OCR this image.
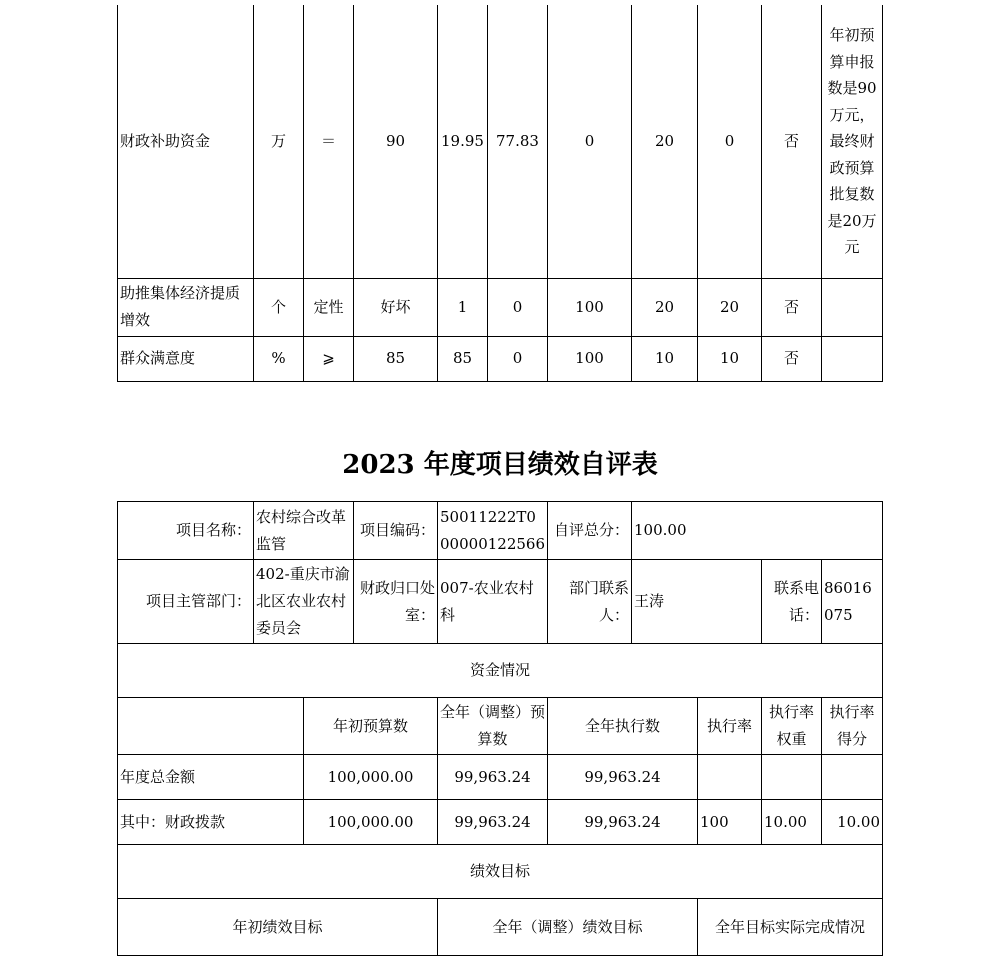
财政补助资金	万	＝	90	19.95	77.83	0	20	0	否	年初预算申报数是90万元，最终财政预算批复数是20万元
助推集体经济提质增效	个	定性	好坏	1	0	100	20	20	否	
群众满意度	%	⩾	85	85	0	100	10	10	否	
2023 年度项目绩效自评表
项目名称：	农村综合改革监管		项目编码：	50011222T000000122566	自评总分：	100.00			
项目主管部门：	402-重庆市渝北区农业农村委员会		财政归口处室：	007-农业农村科	部门联系人：	王涛		联系电话：	86016075
资金情况									
		年初预算数		全年（调整）预算数	全年执行数		执行率	执行率权重	执行率得分
年度总金额		100,000.00		99,963.24	99,963.24				
其中：财政拨款		100,000.00		99,963.24	99,963.24		100	10.00	10.00
绩效目标									
年初绩效目标				全年（调整）绩效目标			全年目标实际完成情况		
